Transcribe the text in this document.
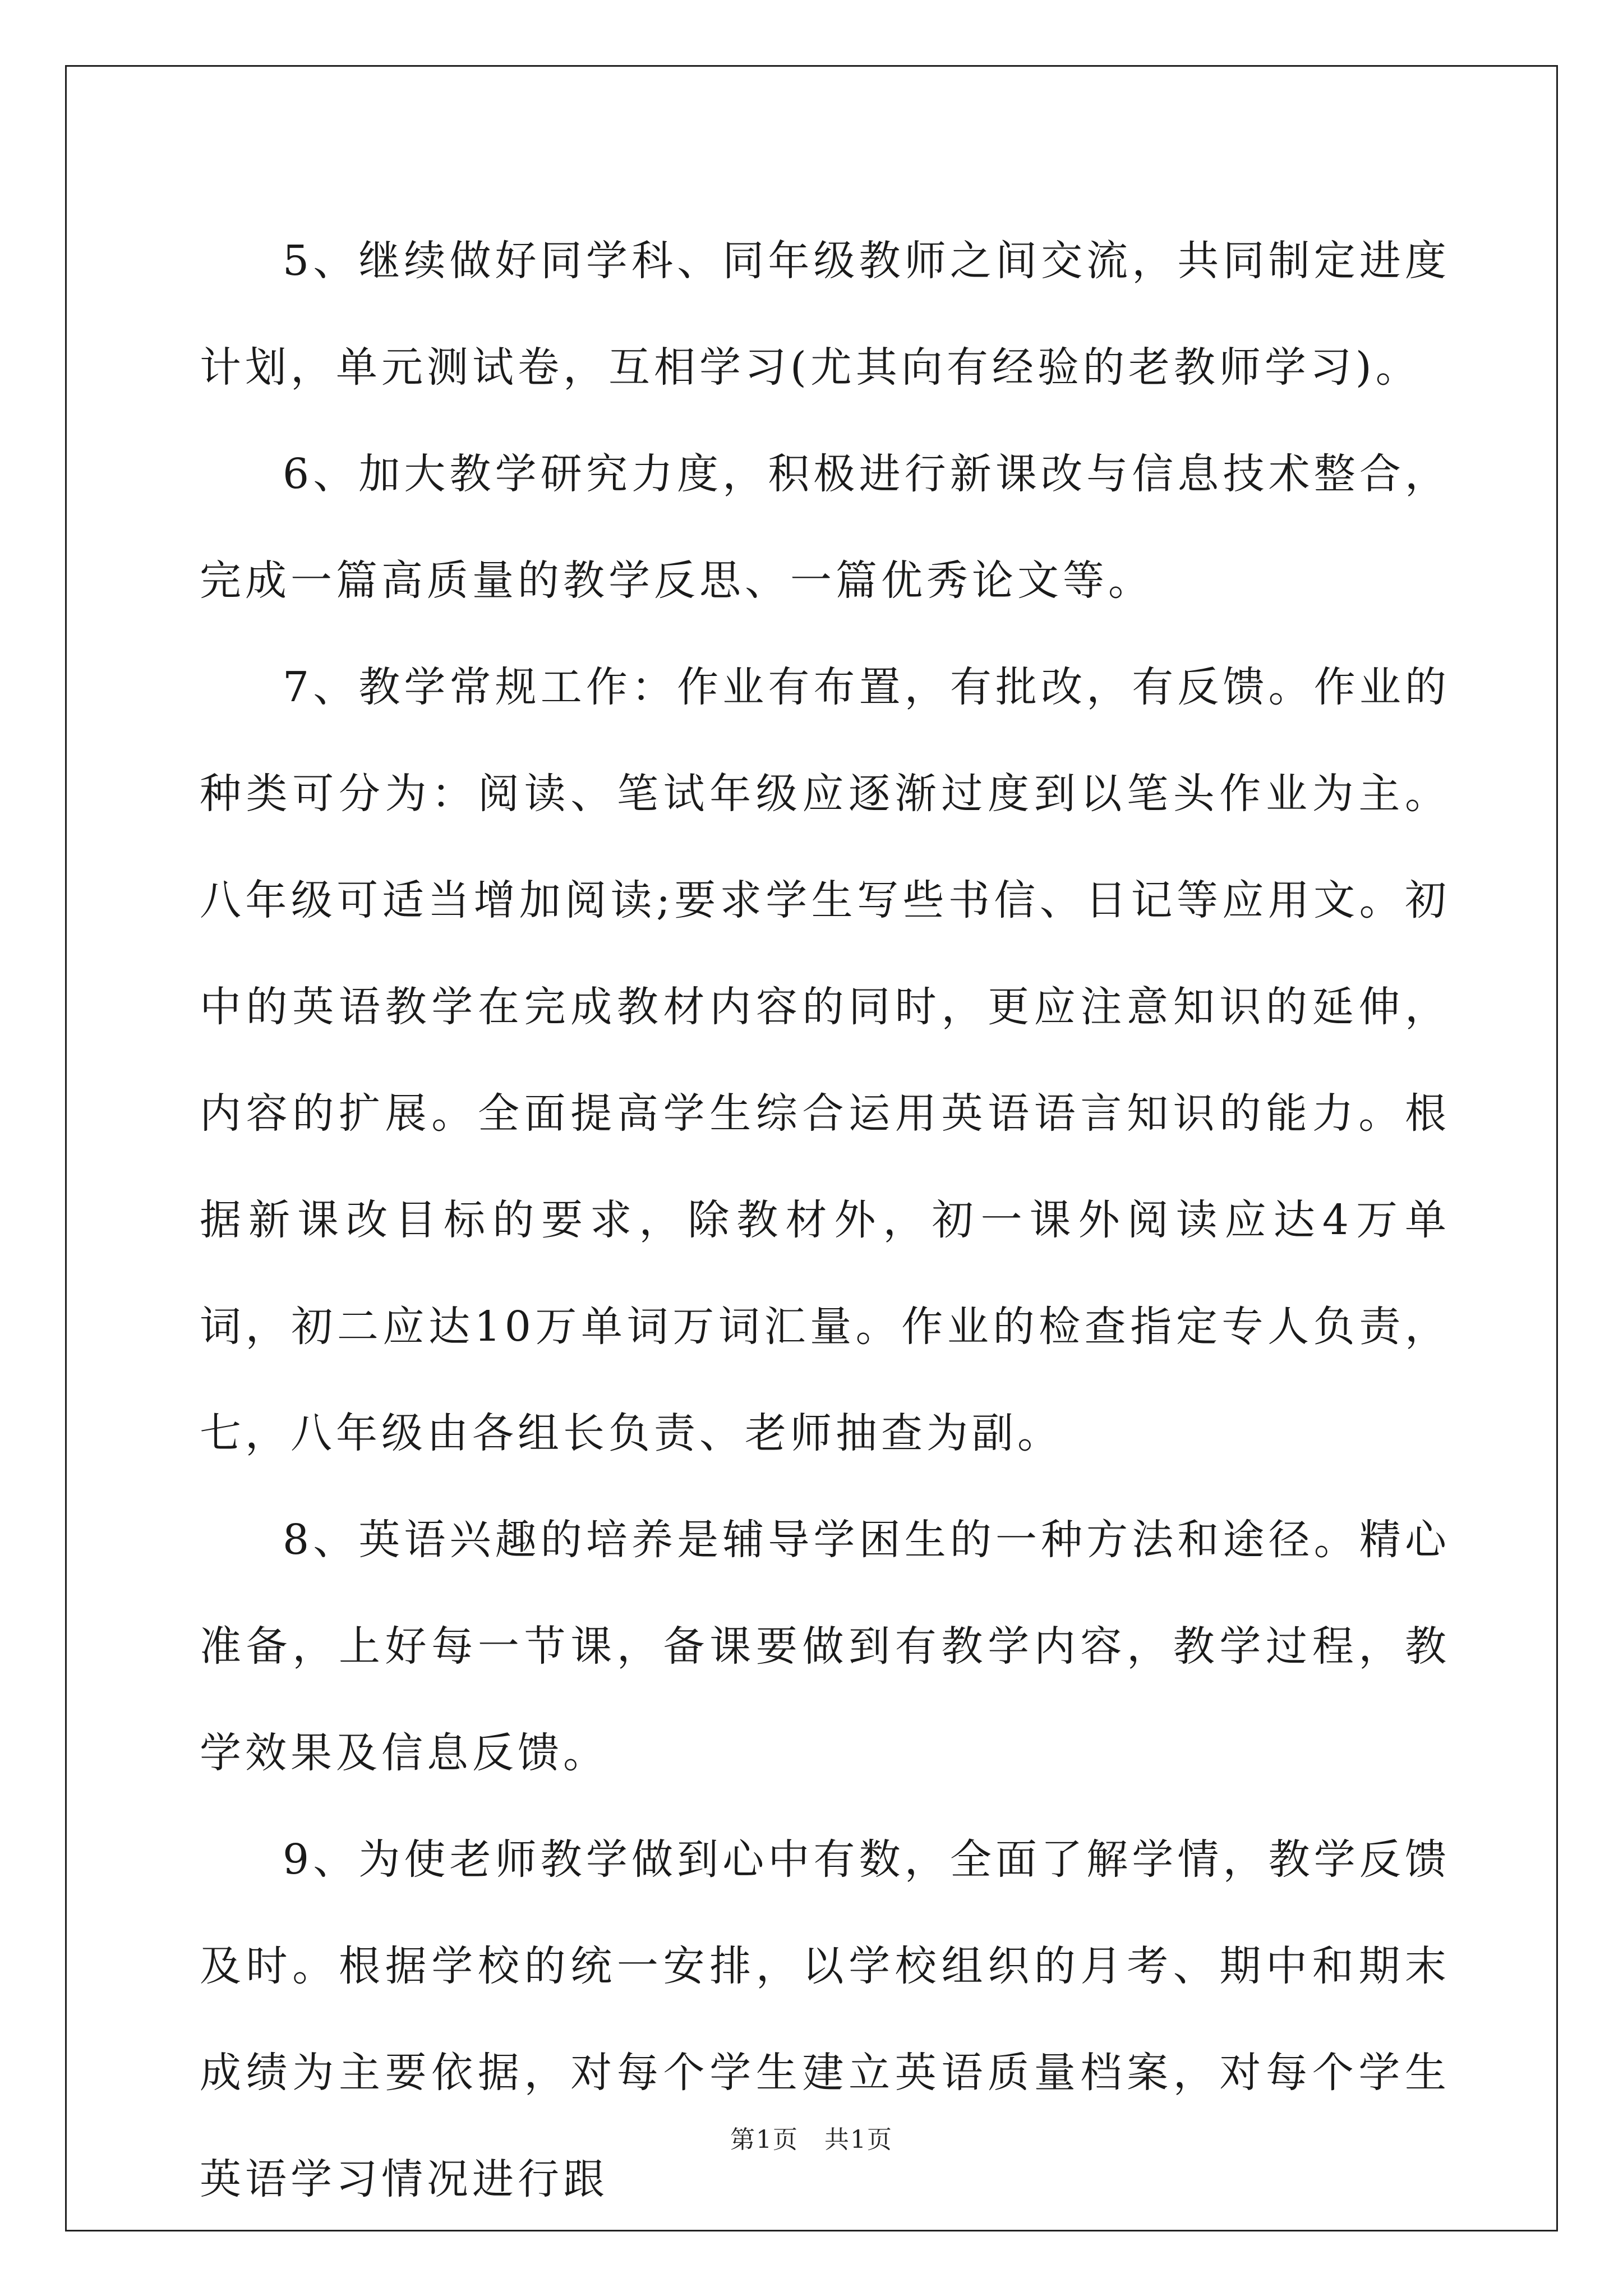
5、继续做好同学科、同年级教师之间交流，共同制定进度计划，单元测试卷，互相学习(尤其向有经验的老教师学习)。

6、加大教学研究力度，积极进行新课改与信息技术整合，完成一篇高质量的教学反思、一篇优秀论文等。

7、教学常规工作：作业有布置，有批改，有反馈。作业的种类可分为：阅读、笔试年级应逐渐过度到以笔头作业为主。八年级可适当增加阅读;要求学生写些书信、日记等应用文。初中的英语教学在完成教材内容的同时，更应注意知识的延伸，内容的扩展。全面提高学生综合运用英语语言知识的能力。根据新课改目标的要求，除教材外，初一课外阅读应达4万单词，初二应达10万单词万词汇量。作业的检查指定专人负责，七，八年级由各组长负责、老师抽查为副。

8、英语兴趣的培养是辅导学困生的一种方法和途径。精心准备，上好每一节课，备课要做到有教学内容，教学过程，教学效果及信息反馈。

9、为使老师教学做到心中有数，全面了解学情，教学反馈及时。根据学校的统一安排，以学校组织的月考、期中和期末成绩为主要依据，对每个学生建立英语质量档案，对每个学生英语学习情况进行跟

第1页　共1页
